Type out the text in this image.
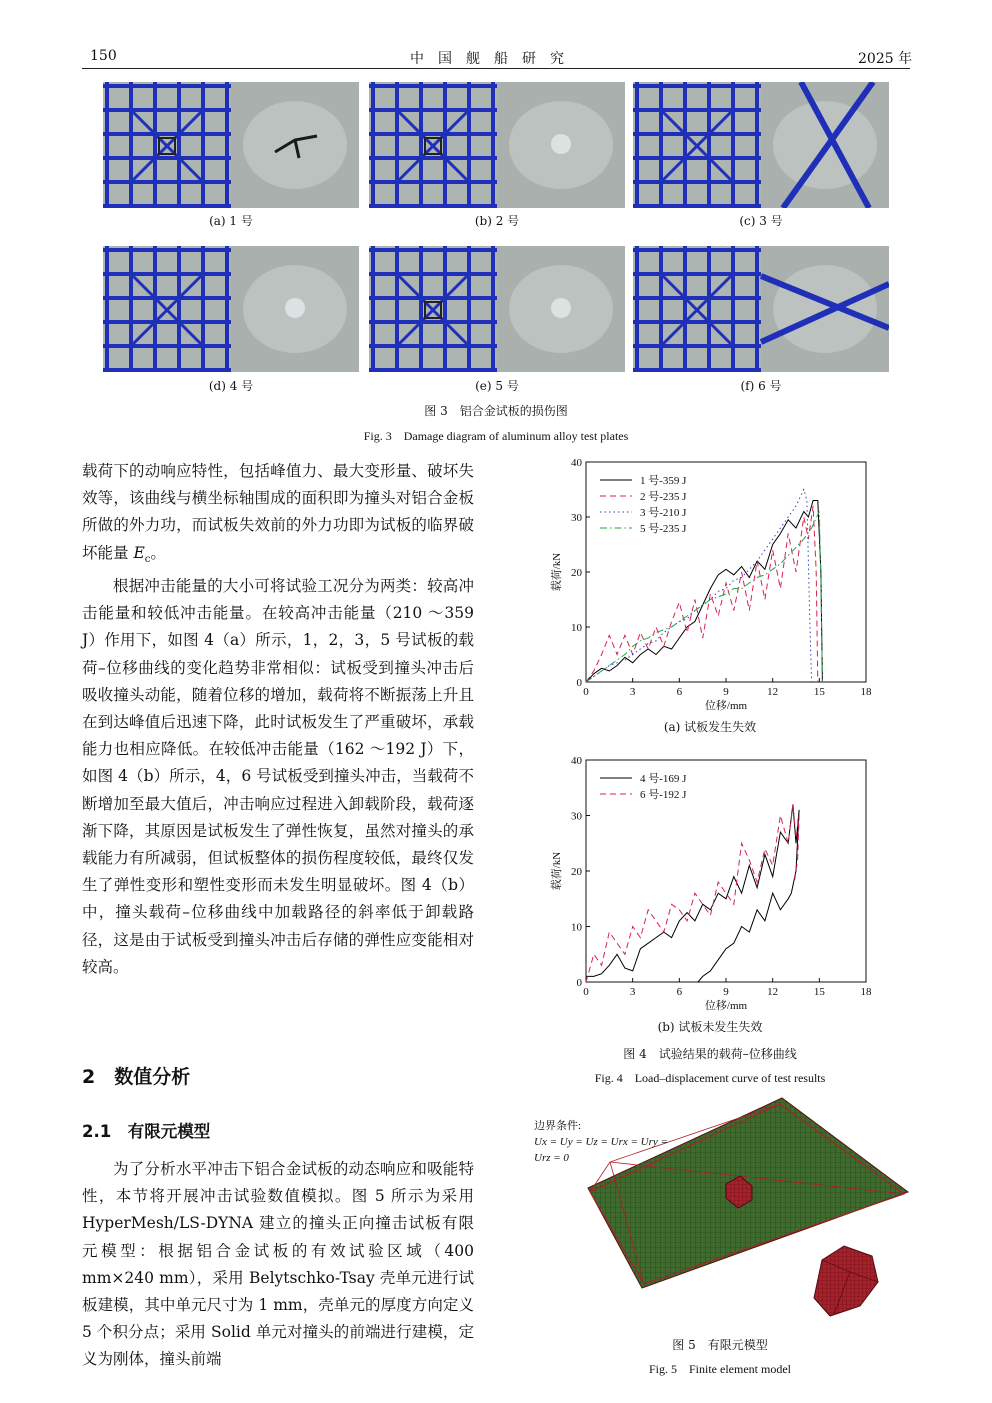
150	中　国　舰　船　研　究	2025 年
(a) 1 号	(b) 2 号	(c) 3 号
(d) 4 号	(e) 5 号	(f) 6 号
图 3　铝合金试板的损伤图
Fig. 3　Damage diagram of aluminum alloy test plates

载荷下的动响应特性，包括峰值力、最大变形量、破坏失效等，该曲线与横坐标轴围成的面积即为撞头对铝合金板所做的外力功，而试板失效前的外力功即为试板的临界破坏能量 $E_c$。

根据冲击能量的大小可将试验工况分为两类：较高冲击能量和较低冲击能量。在较高冲击能量（210 ～359 J）作用下，如图 4（a）所示，1，2，3，5 号试板的载荷–位移曲线的变化趋势非常相似：试板受到撞头冲击后吸收撞头动能，随着位移的增加，载荷将不断振荡上升且在到达峰值后迅速下降，此时试板发生了严重破坏，承载能力也相应降低。在较低冲击能量（162 ～192 J）下，如图 4（b）所示，4，6 号试板受到撞头冲击，当载荷不断增加至最大值后，冲击响应过程进入卸载阶段，载荷逐渐下降，其原因是试板发生了弹性恢复，虽然对撞头的承载能力有所减弱，但试板整体的损伤程度较低，最终仅发生了弹性变形和塑性变形而未发生明显破坏。图 4（b）中，撞头载荷–位移曲线中加载路径的斜率低于卸载路径，这是由于试板受到撞头冲击后存储的弹性应变能相对较高。

2　数值分析
2.1　有限元模型

为了分析水平冲击下铝合金试板的动态响应和吸能特性，本节将开展冲击试验数值模拟。图 5 所示为采用 HyperMesh/LS-DYNA 建立的撞头正向撞击试板有限元模型：根据铝合金试板的有效试验区域（400 mm×240 mm），采用 Belytschko-Tsay 壳单元进行试板建模，其中单元尺寸为 1 mm，壳单元的厚度方向定义 5 个积分点；采用 Solid 单元对撞头的前端进行建模，定义为刚体，撞头前端

0	3	6	9	12	15	18
0
10
20
30
40
位移/mm
载荷/kN
1 号-359 J
2 号-235 J
3 号-210 J
5 号-235 J
(a) 试板发生失效
0	3	6	9	12	15	18
0
10
20
30
40
位移/mm
载荷/kN
4 号-169 J
6 号-192 J
(b) 试板未发生失效
图 4　试验结果的载荷–位移曲线
Fig. 4　Load–displacement curve of test results
边界条件:
Ux = Uy = Uz = Urx = Ury =
Urz = 0
图 5　有限元模型
Fig. 5　Finite element model
